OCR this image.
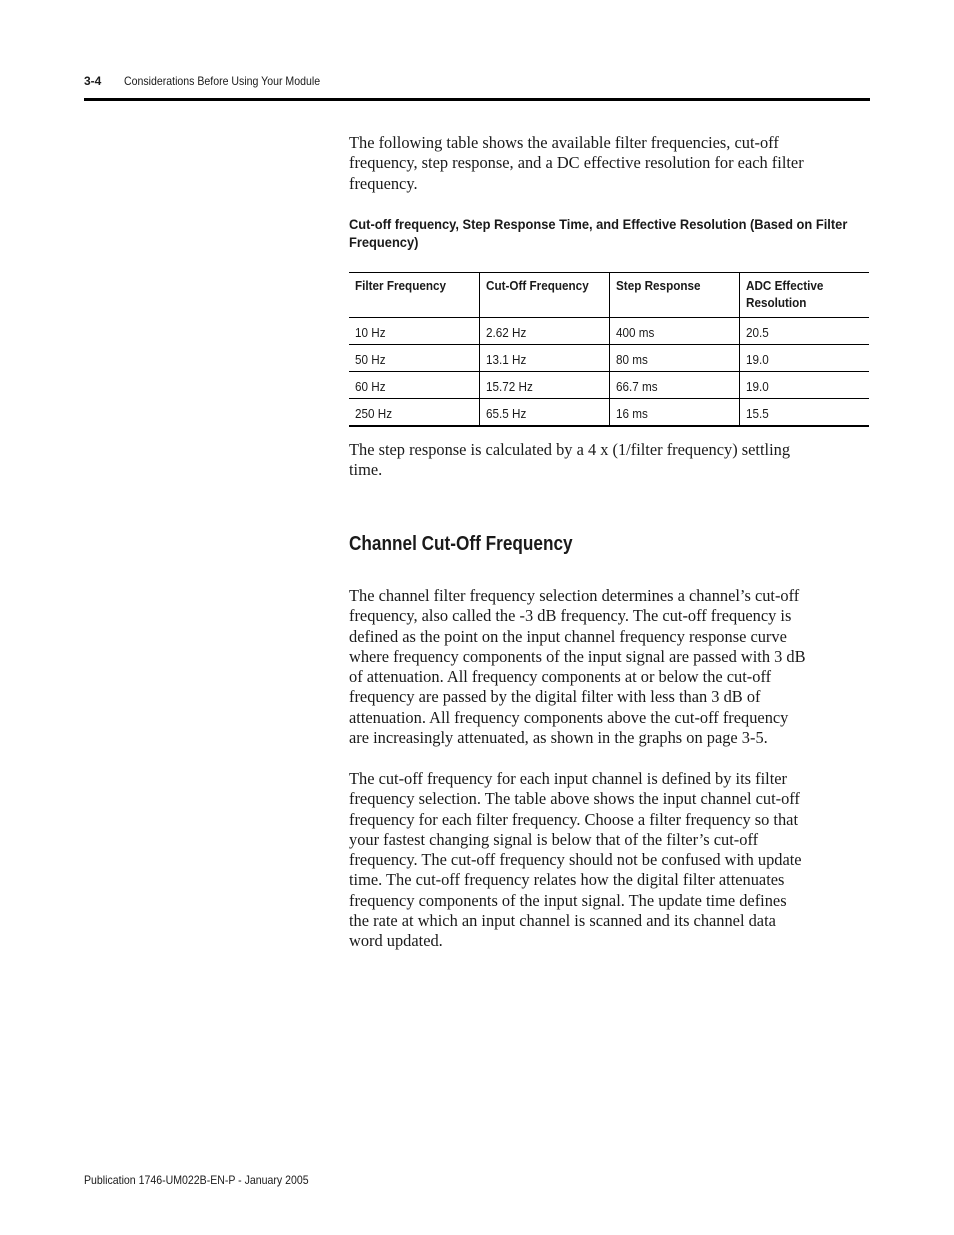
3-4 Considerations Before Using Your Module
The following table shows the available filter frequencies, cut-off
frequency, step response, and a DC effective resolution for each filter
frequency.
Cut-off frequency, Step Response Time, and Effective Resolution (Based on Filter
Frequency)
Filter Frequency	Cut-Off Frequency	Step Response	ADC Effective
Resolution
10 Hz	2.62 Hz	400 ms	20.5
50 Hz	13.1 Hz	80 ms	19.0
60 Hz	15.72 Hz	66.7 ms	19.0
250 Hz	65.5 Hz	16 ms	15.5
The step response is calculated by a 4 x (1/filter frequency) settling
time.
Channel Cut-Off Frequency
The channel filter frequency selection determines a channel’s cut-off
frequency, also called the -3 dB frequency. The cut-off frequency is
defined as the point on the input channel frequency response curve
where frequency components of the input signal are passed with 3 dB
of attenuation. All frequency components at or below the cut-off
frequency are passed by the digital filter with less than 3 dB of
attenuation. All frequency components above the cut-off frequency
are increasingly attenuated, as shown in the graphs on page 3-5.
The cut-off frequency for each input channel is defined by its filter
frequency selection. The table above shows the input channel cut-off
frequency for each filter frequency. Choose a filter frequency so that
your fastest changing signal is below that of the filter’s cut-off
frequency. The cut-off frequency should not be confused with update
time. The cut-off frequency relates how the digital filter attenuates
frequency components of the input signal. The update time defines
the rate at which an input channel is scanned and its channel data
word updated.
Publication 1746-UM022B-EN-P - January 2005
